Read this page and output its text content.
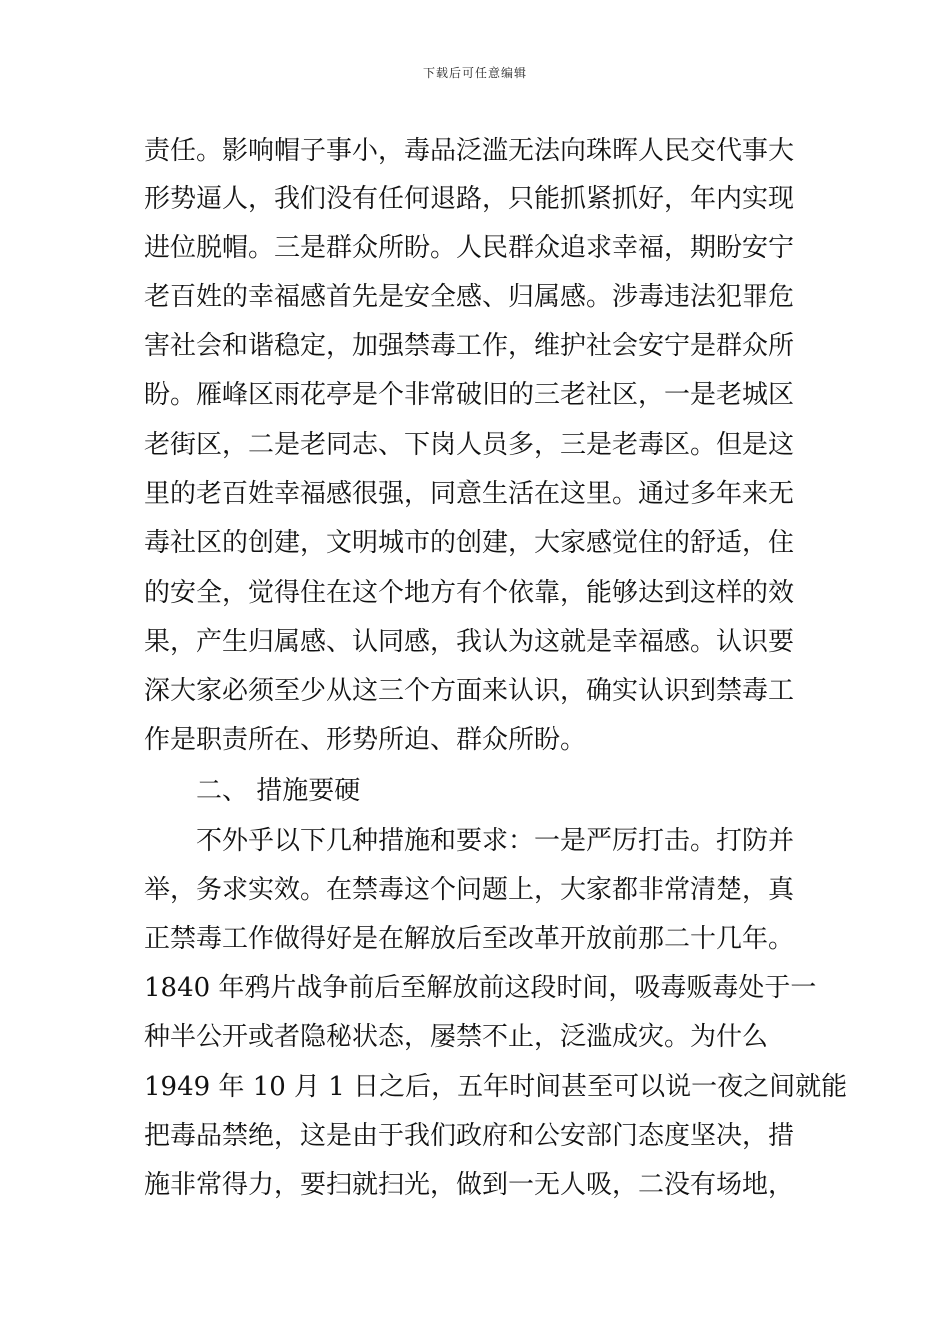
下载后可任意编辑
责任。影响帽子事小，毒品泛滥无法向珠晖人民交代事大
形势逼人，我们没有任何退路，只能抓紧抓好，年内实现
进位脱帽。三是群众所盼。人民群众追求幸福，期盼安宁
老百姓的幸福感首先是安全感、归属感。涉毒违法犯罪危
害社会和谐稳定，加强禁毒工作，维护社会安宁是群众所
盼。雁峰区雨花亭是个非常破旧的三老社区，一是老城区
老街区，二是老同志、下岗人员多，三是老毒区。但是这
里的老百姓幸福感很强，同意生活在这里。通过多年来无
毒社区的创建，文明城市的创建，大家感觉住的舒适，住
的安全，觉得住在这个地方有个依靠，能够达到这样的效
果，产生归属感、认同感，我认为这就是幸福感。认识要
深大家必须至少从这三个方面来认识，确实认识到禁毒工
作是职责所在、形势所迫、群众所盼。
二、 措施要硬
不外乎以下几种措施和要求：一是严厉打击。打防并
举，务求实效。在禁毒这个问题上，大家都非常清楚，真
正禁毒工作做得好是在解放后至改革开放前那二十几年。
1840 年鸦片战争前后至解放前这段时间，吸毒贩毒处于一
种半公开或者隐秘状态，屡禁不止，泛滥成灾。为什么
1949 年 10 月 1 日之后，五年时间甚至可以说一夜之间就能
把毒品禁绝，这是由于我们政府和公安部门态度坚决，措
施非常得力，要扫就扫光，做到一无人吸，二没有场地，
